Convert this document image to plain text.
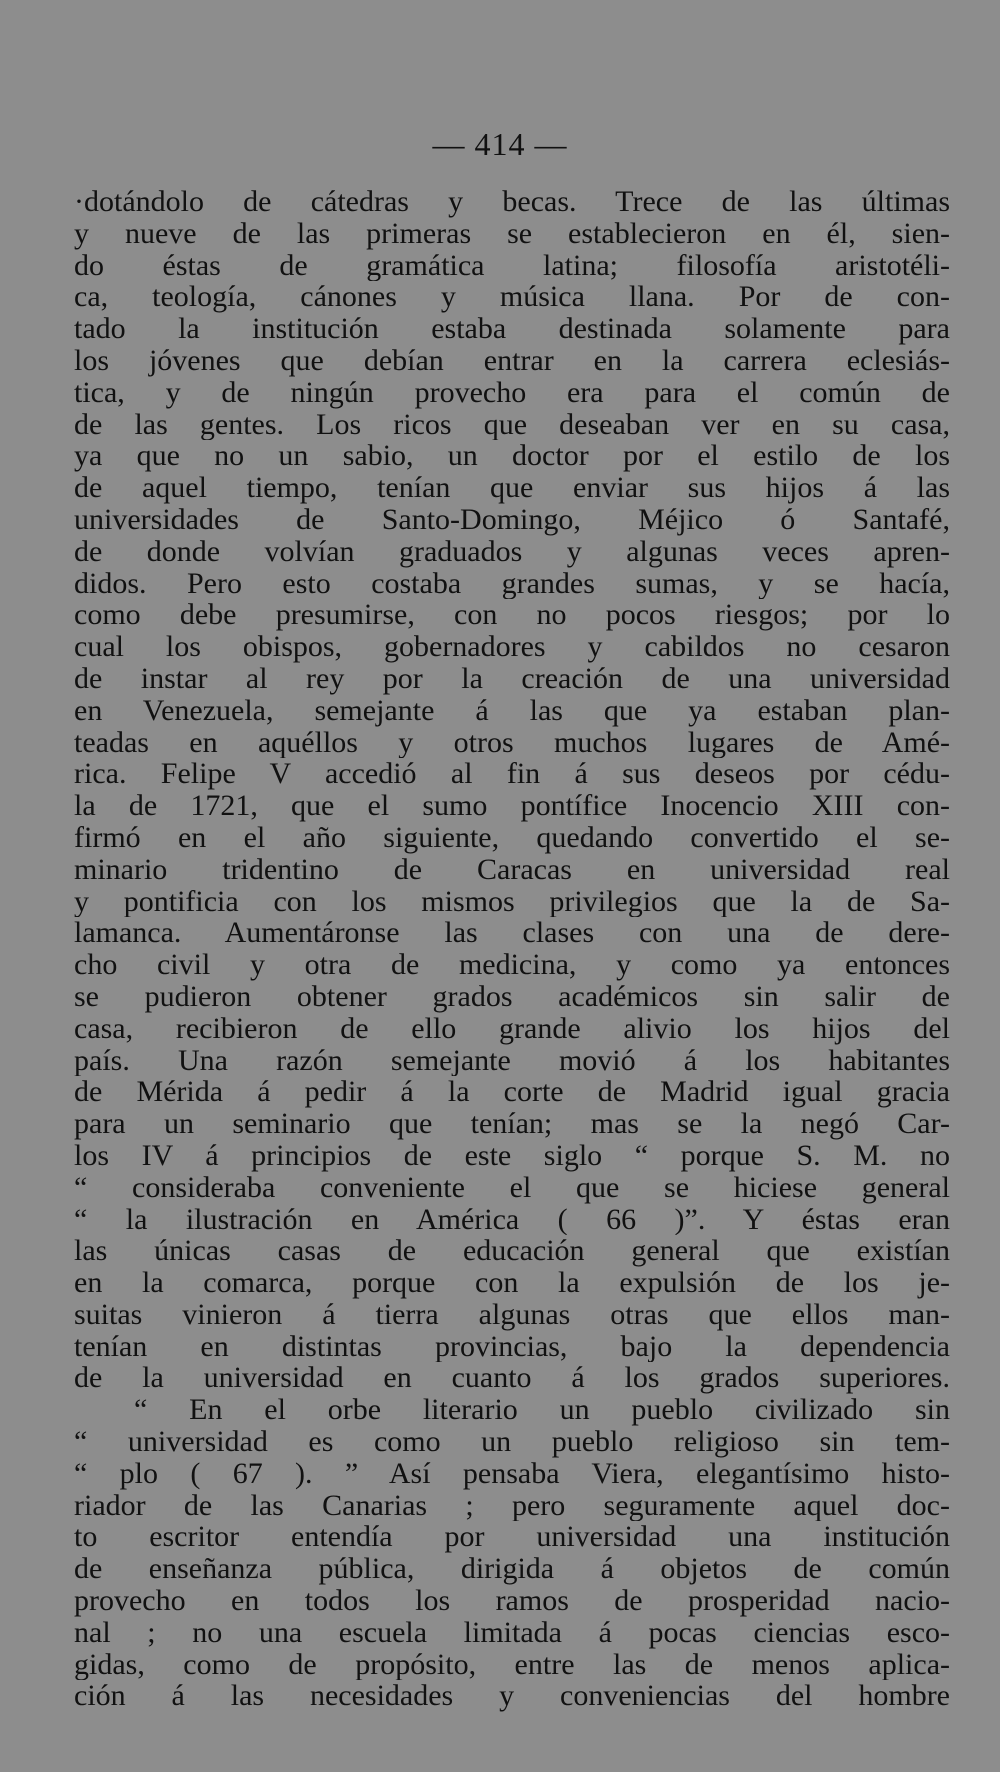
— 414 —
·dotándolo de cátedras y becas. Trece de las últimas
y nueve de las primeras se establecieron en él, sien-
do éstas de gramática latina; filosofía aristotéli-
ca, teología, cánones y música llana. Por de con-
tado la institución estaba destinada solamente para
los jóvenes que debían entrar en la carrera eclesiás-
tica, y de ningún provecho era para el común de
de las gentes. Los ricos que deseaban ver en su casa,
ya que no un sabio, un doctor por el estilo de los
de aquel tiempo, tenían que enviar sus hijos á las
universidades de Santo-Domingo, Méjico ó Santafé,
de donde volvían graduados y algunas veces apren-
didos. Pero esto costaba grandes sumas, y se hacía,
como debe presumirse, con no pocos riesgos; por lo
cual los obispos, gobernadores y cabildos no cesaron
de instar al rey por la creación de una universidad
en Venezuela, semejante á las que ya estaban plan-
teadas en aquéllos y otros muchos lugares de Amé-
rica. Felipe V accedió al fin á sus deseos por cédu-
la de 1721, que el sumo pontífice Inocencio XIII con-
firmó en el año siguiente, quedando convertido el se-
minario tridentino de Caracas en universidad real
y pontificia con los mismos privilegios que la de Sa-
lamanca. Aumentáronse las clases con una de dere-
cho civil y otra de medicina, y como ya entonces
se pudieron obtener grados académicos sin salir de
casa, recibieron de ello grande alivio los hijos del
país. Una razón semejante movió á los habitantes
de Mérida á pedir á la corte de Madrid igual gracia
para un seminario que tenían; mas se la negó Car-
los IV á principios de este siglo “ porque S. M. no
“ consideraba conveniente el que se hiciese general
“ la ilustración en América ( 66 )”. Y éstas eran
las únicas casas de educación general que existían
en la comarca, porque con la expulsión de los je-
suitas vinieron á tierra algunas otras que ellos man-
tenían en distintas provincias, bajo la dependencia
de la universidad en cuanto á los grados superiores.
“ En el orbe literario un pueblo civilizado sin
“ universidad es como un pueblo religioso sin tem-
“ plo ( 67 ). ” Así pensaba Viera, elegantísimo histo-
riador de las Canarias ; pero seguramente aquel doc-
to escritor entendía por universidad una institución
de enseñanza pública, dirigida á objetos de común
provecho en todos los ramos de prosperidad nacio-
nal ; no una escuela limitada á pocas ciencias esco-
gidas, como de propósito, entre las de menos aplica-
ción á las necesidades y conveniencias del hombre
